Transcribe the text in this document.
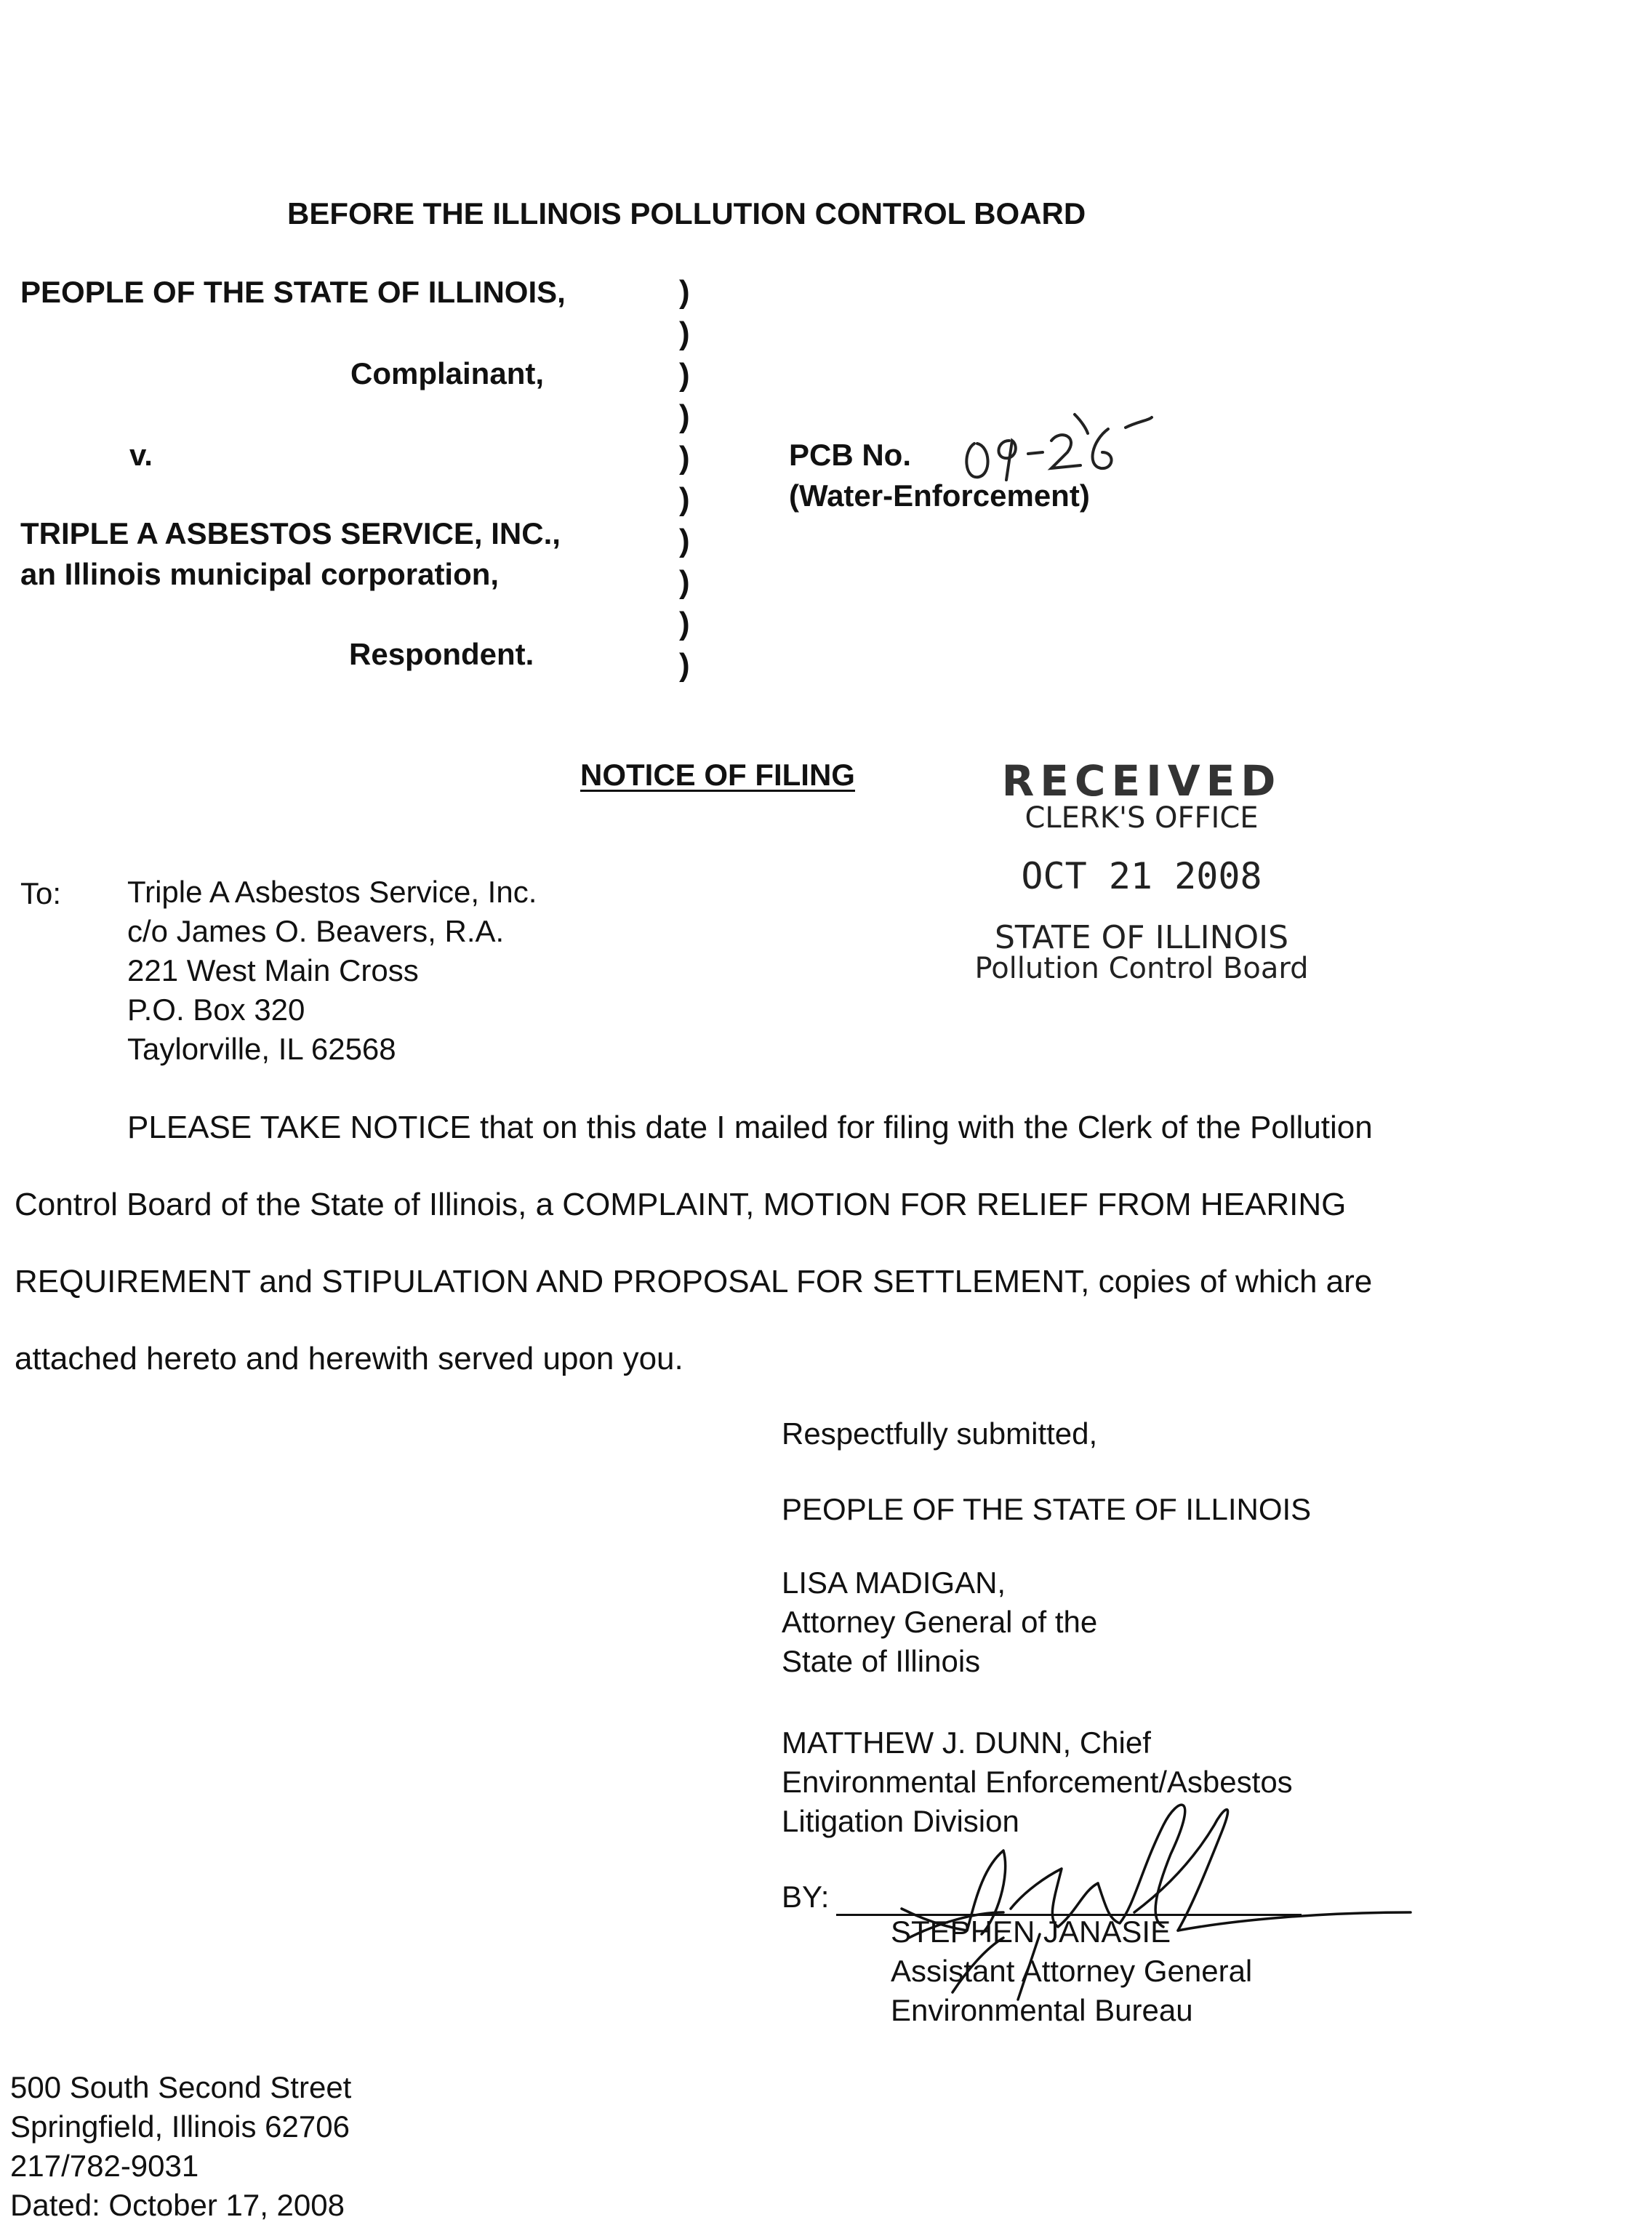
BEFORE THE ILLINOIS POLLUTION CONTROL BOARD
PEOPLE OF THE STATE OF ILLINOIS,
Complainant,
v.
TRIPLE A ASBESTOS SERVICE, INC.,
an Illinois municipal corporation,
Respondent.
)
)
)
)
)
)
)
)
)
)
PCB No.
(Water-Enforcement)
NOTICE OF FILING	RECEIVED
CLERK'S OFFICE
OCT 21 2008
STATE OF ILLINOIS
Pollution Control Board
To: Triple A Asbestos Service, Inc.
c/o James O. Beavers, R.A.
221 West Main Cross
P.O. Box 320
Taylorville, IL 62568
PLEASE TAKE NOTICE that on this date I mailed for filing with the Clerk of the Pollution
Control Board of the State of Illinois, a COMPLAINT, MOTION FOR RELIEF FROM HEARING
REQUIREMENT and STIPULATION AND PROPOSAL FOR SETTLEMENT, copies of which are
attached hereto and herewith served upon you.
Respectfully submitted,
PEOPLE OF THE STATE OF ILLINOIS
LISA MADIGAN,
Attorney General of the
State of Illinois
MATTHEW J. DUNN, Chief
Environmental Enforcement/Asbestos
Litigation Division
BY:
STEPHEN JANASIE
Assistant Attorney General
Environmental Bureau
500 South Second Street
Springfield, Illinois 62706
217/782-9031
Dated: October 17, 2008
